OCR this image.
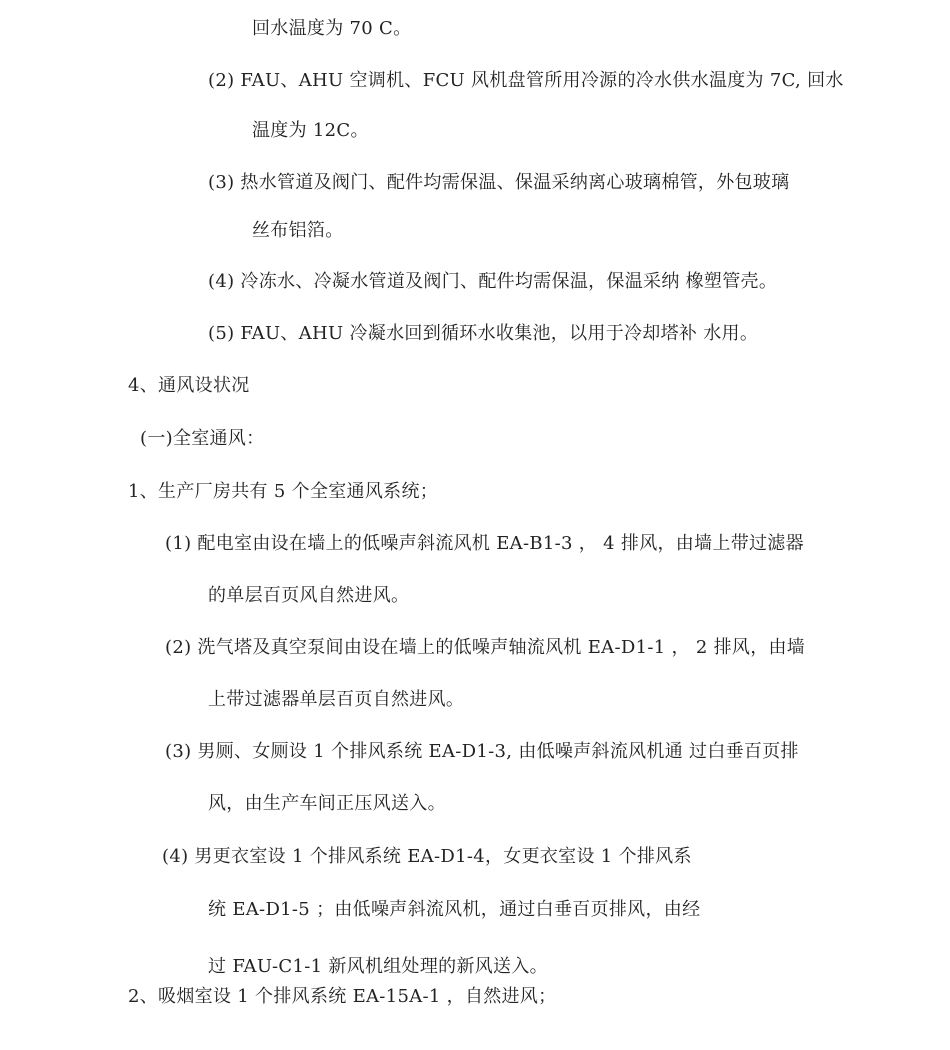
回水温度为 70 C。
(2) FAU、AHU 空调机、FCU 风机盘管所用冷源的冷水供水温度为 7C, 回水
温度为 12C。
(3) 热水管道及阀门、配件均需保温、保温采纳离心玻璃棉管，外包玻璃
丝布铝箔。
(4) 冷冻水、冷凝水管道及阀门、配件均需保温，保温采纳 橡塑管壳。
(5) FAU、AHU 冷凝水回到循环水收集池，以用于冷却塔补 水用。
4、通风设状况
(一)全室通风：
1、生产厂房共有 5 个全室通风系统；
(1) 配电室由设在墙上的低噪声斜流风机 EA-B1-3 ， 4 排风，由墙上带过滤器
的单层百页风自然进风。
(2) 洗气塔及真空泵间由设在墙上的低噪声轴流风机 EA-D1-1 ， 2 排风，由墙
上带过滤器单层百页自然进风。
(3) 男厕、女厕设 1 个排风系统 EA-D1-3, 由低噪声斜流风机通 过白垂百页排
风，由生产车间正压风送入。
(4) 男更衣室设 1 个排风系统 EA-D1-4，女更衣室设 1 个排风系
统 EA-D1-5 ；由低噪声斜流风机，通过白垂百页排风，由经
过 FAU-C1-1 新风机组处理的新风送入。
2、吸烟室设 1 个排风系统 EA-15A-1 ，自然进风；
